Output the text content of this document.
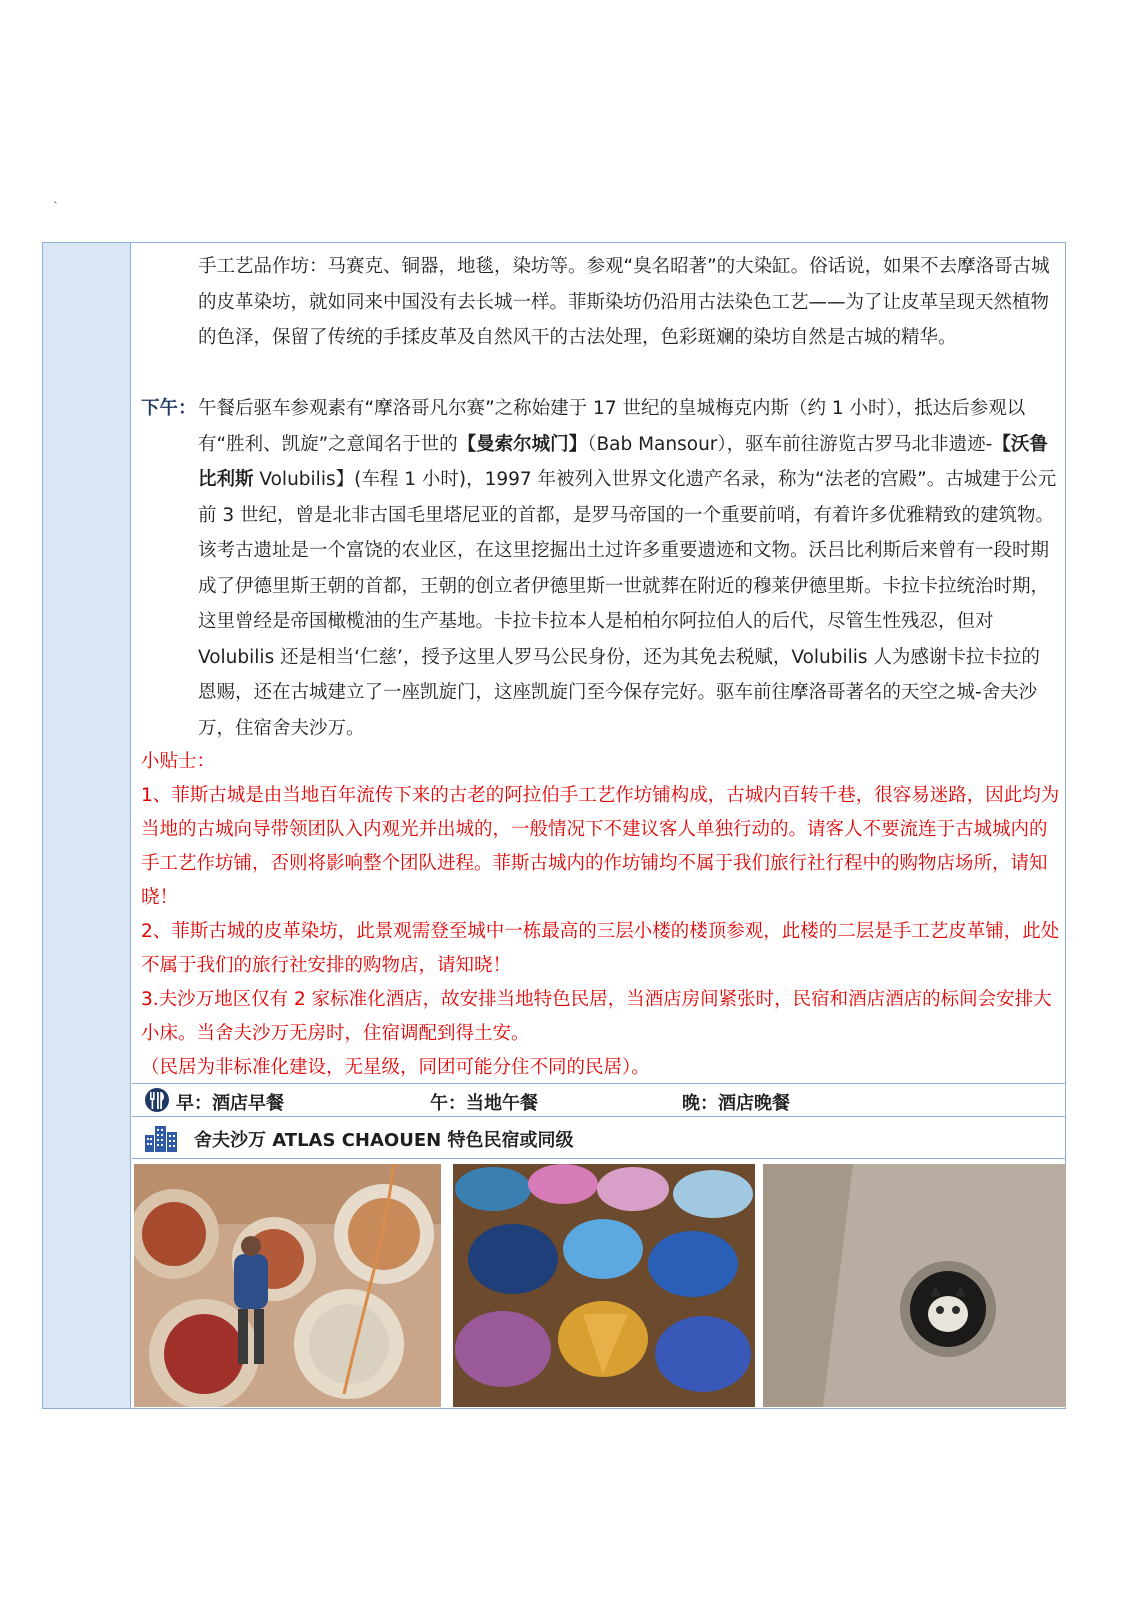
`
手工艺品作坊：马赛克、铜器，地毯，染坊等。参观“臭名昭著”的大染缸。俗话说，如果不去摩洛哥古城的皮革染坊，就如同来中国没有去长城一样。菲斯染坊仍沿用古法染色工艺——为了让皮革呈现天然植物的色泽，保留了传统的手揉皮革及自然风干的古法处理，色彩斑斓的染坊自然是古城的精华。
下午： 午餐后驱车参观素有“摩洛哥凡尔赛”之称始建于 17 世纪的皇城梅克内斯（约 1 小时），抵达后参观以有“胜利、凯旋”之意闻名于世的【曼索尔城门】（Bab Mansour），驱车前往游览古罗马北非遗迹-【沃鲁比利斯 Volubilis】(车程 1 小时)，1997 年被列入世界文化遗产名录，称为“法老的宫殿”。古城建于公元前 3 世纪，曾是北非古国毛里塔尼亚的首都，是罗马帝国的一个重要前哨，有着许多优雅精致的建筑物。该考古遗址是一个富饶的农业区，在这里挖掘出土过许多重要遗迹和文物。沃吕比利斯后来曾有一段时期成了伊德里斯王朝的首都，王朝的创立者伊德里斯一世就葬在附近的穆莱伊德里斯。卡拉卡拉统治时期，这里曾经是帝国橄榄油的生产基地。卡拉卡拉本人是柏柏尔阿拉伯人的后代，尽管生性残忍，但对 Volubilis 还是相当‘仁慈’，授予这里人罗马公民身份，还为其免去税赋，Volubilis 人为感谢卡拉卡拉的恩赐，还在古城建立了一座凯旋门，这座凯旋门至今保存完好。驱车前往摩洛哥著名的天空之城-舍夫沙万，住宿舍夫沙万。
小贴士：
1、菲斯古城是由当地百年流传下来的古老的阿拉伯手工艺作坊铺构成，古城内百转千巷，很容易迷路，因此均为当地的古城向导带领团队入内观光并出城的，一般情况下不建议客人单独行动的。请客人不要流连于古城城内的手工艺作坊铺，否则将影响整个团队进程。菲斯古城内的作坊铺均不属于我们旅行社行程中的购物店场所，请知晓！
2、菲斯古城的皮革染坊，此景观需登至城中一栋最高的三层小楼的楼顶参观，此楼的二层是手工艺皮革铺，此处不属于我们的旅行社安排的购物店，请知晓！
3.夫沙万地区仅有 2 家标准化酒店，故安排当地特色民居，当酒店房间紧张时，民宿和酒店酒店的标间会安排大小床。当舍夫沙万无房时，住宿调配到得土安。
（民居为非标准化建设，无星级，同团可能分住不同的民居）。
早：酒店早餐	午：当地午餐	晚：酒店晚餐
舍夫沙万 ATLAS CHAOUEN 特色民宿或同级
